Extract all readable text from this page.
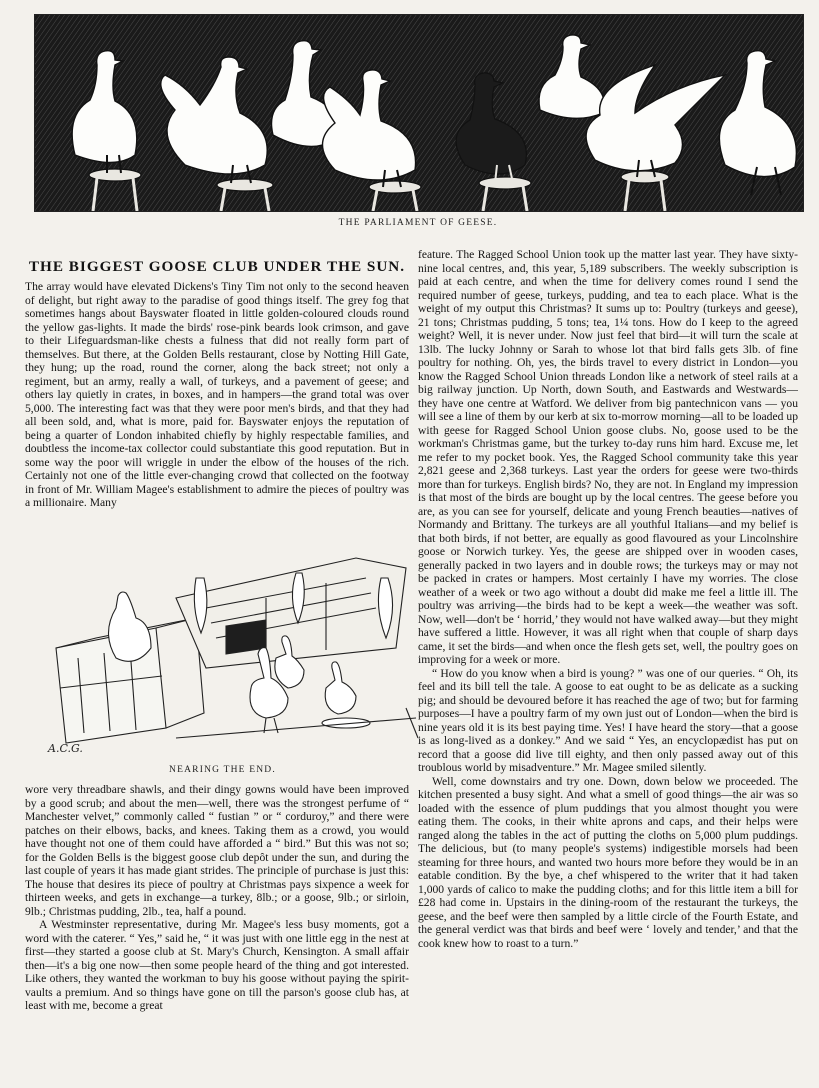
THE PARLIAMENT OF GEESE.
THE BIGGEST GOOSE CLUB UNDER THE SUN.

The array would have elevated Dickens's Tiny Tim not only to the second heaven of delight, but right away to the paradise of good things itself. The grey fog that sometimes hangs about Bayswater floated in little golden-coloured clouds round the yellow gas-lights. It made the birds' rose-pink beards look crimson, and gave to their Lifeguardsman-like chests a fulness that did not really form part of themselves. But there, at the Golden Bells restaurant, close by Notting Hill Gate, they hung; up the road, round the corner, along the back street; not only a regiment, but an army, really a wall, of turkeys, and a pavement of geese; and others lay quietly in crates, in boxes, and in hampers—the grand total was over 5,000. The interesting fact was that they were poor men's birds, and that they had all been sold, and, what is more, paid for. Bayswater enjoys the reputation of being a quarter of London inhabited chiefly by highly respectable families, and doubtless the income-tax collector could substantiate this good reputation. But in some way the poor will wriggle in under the elbow of the houses of the rich. Certainly not one of the little ever-changing crowd that collected on the footway in front of Mr. William Magee's establishment to admire the pieces of poultry was a millionaire. Many

A.C.G.
NEARING THE END.

wore very threadbare shawls, and their dingy gowns would have been improved by a good scrub; and about the men—well, there was the strongest perfume of “ Manchester velvet,” commonly called “ fustian ” or “ corduroy,” and there were patches on their elbows, backs, and knees. Taking them as a crowd, you would have thought not one of them could have afforded a “ bird.” But this was not so; for the Golden Bells is the biggest goose club depôt under the sun, and during the last couple of years it has made giant strides. The principle of purchase is just this: The house that desires its piece of poultry at Christmas pays sixpence a week for thirteen weeks, and gets in exchange—a turkey, 8lb.; or a goose, 9lb.; or sirloin, 9lb.; Christmas pudding, 2lb., tea, half a pound.

A Westminster representative, during Mr. Magee's less busy moments, got a word with the caterer. “ Yes,” said he, “ it was just with one little egg in the nest at first—they started a goose club at St. Mary's Church, Kensington. A small affair then—it's a big one now—then some people heard of the thing and got interested. Like others, they wanted the workman to buy his goose without paying the spirit-vaults a premium. And so things have gone on till the parson's goose club has, at least with me, become a great

feature. The Ragged School Union took up the matter last year. They have sixty-nine local centres, and, this year, 5,189 subscribers. The weekly subscription is paid at each centre, and when the time for delivery comes round I send the required number of geese, turkeys, pudding, and tea to each place. What is the weight of my output this Christmas? It sums up to: Poultry (turkeys and geese), 21 tons; Christmas pudding, 5 tons; tea, 1¼ tons. How do I keep to the agreed weight? Well, it is never under. Now just feel that bird—it will turn the scale at 13lb. The lucky Johnny or Sarah to whose lot that bird falls gets 3lb. of fine poultry for nothing. Oh, yes, the birds travel to every district in London—you know the Ragged School Union threads London like a network of steel rails at a big railway junction. Up North, down South, and Eastwards and Westwards—they have one centre at Watford. We deliver from big pantechnicon vans — you will see a line of them by our kerb at six to-morrow morning—all to be loaded up with geese for Ragged School Union goose clubs. No, goose used to be the workman's Christmas game, but the turkey to-day runs him hard. Excuse me, let me refer to my pocket book. Yes, the Ragged School community take this year 2,821 geese and 2,368 turkeys. Last year the orders for geese were two-thirds more than for turkeys. English birds? No, they are not. In England my impression is that most of the birds are bought up by the local centres. The geese before you are, as you can see for yourself, delicate and young French beauties—natives of Normandy and Brittany. The turkeys are all youthful Italians—and my belief is that both birds, if not better, are equally as good flavoured as your Lincolnshire goose or Norwich turkey. Yes, the geese are shipped over in wooden cases, generally packed in two layers and in double rows; the turkeys may or may not be packed in crates or hampers. Most certainly I have my worries. The close weather of a week or two ago without a doubt did make me feel a little ill. The poultry was arriving—the birds had to be kept a week—the weather was soft. Now, well—don't be ‘ horrid,’ they would not have walked away—but they might have suffered a little. However, it was all right when that couple of sharp days came, it set the birds—and when once the flesh gets set, well, the poultry goes on improving for a week or more.

“ How do you know when a bird is young? ” was one of our queries. “ Oh, its feel and its bill tell the tale. A goose to eat ought to be as delicate as a sucking pig; and should be devoured before it has reached the age of two; but for farming purposes—I have a poultry farm of my own just out of London—when the bird is nine years old it is its best paying time. Yes! I have heard the story—that a goose is as long-lived as a donkey.” And we said “ Yes, an encyclopædist has put on record that a goose did live till eighty, and then only passed away out of this troublous world by misadventure.” Mr. Magee smiled silently.

Well, come downstairs and try one. Down, down below we proceeded. The kitchen presented a busy sight. And what a smell of good things—the air was so loaded with the essence of plum puddings that you almost thought you were eating them. The cooks, in their white aprons and caps, and their helps were ranged along the tables in the act of putting the cloths on 5,000 plum puddings. The delicious, but (to many people's systems) indigestible morsels had been steaming for three hours, and wanted two hours more before they would be in an eatable condition. By the bye, a chef whispered to the writer that it had taken 1,000 yards of calico to make the pudding cloths; and for this little item a bill for £28 had come in. Upstairs in the dining-room of the restaurant the turkeys, the geese, and the beef were then sampled by a little circle of the Fourth Estate, and the general verdict was that birds and beef were ‘ lovely and tender,’ and that the cook knew how to roast to a turn.”
